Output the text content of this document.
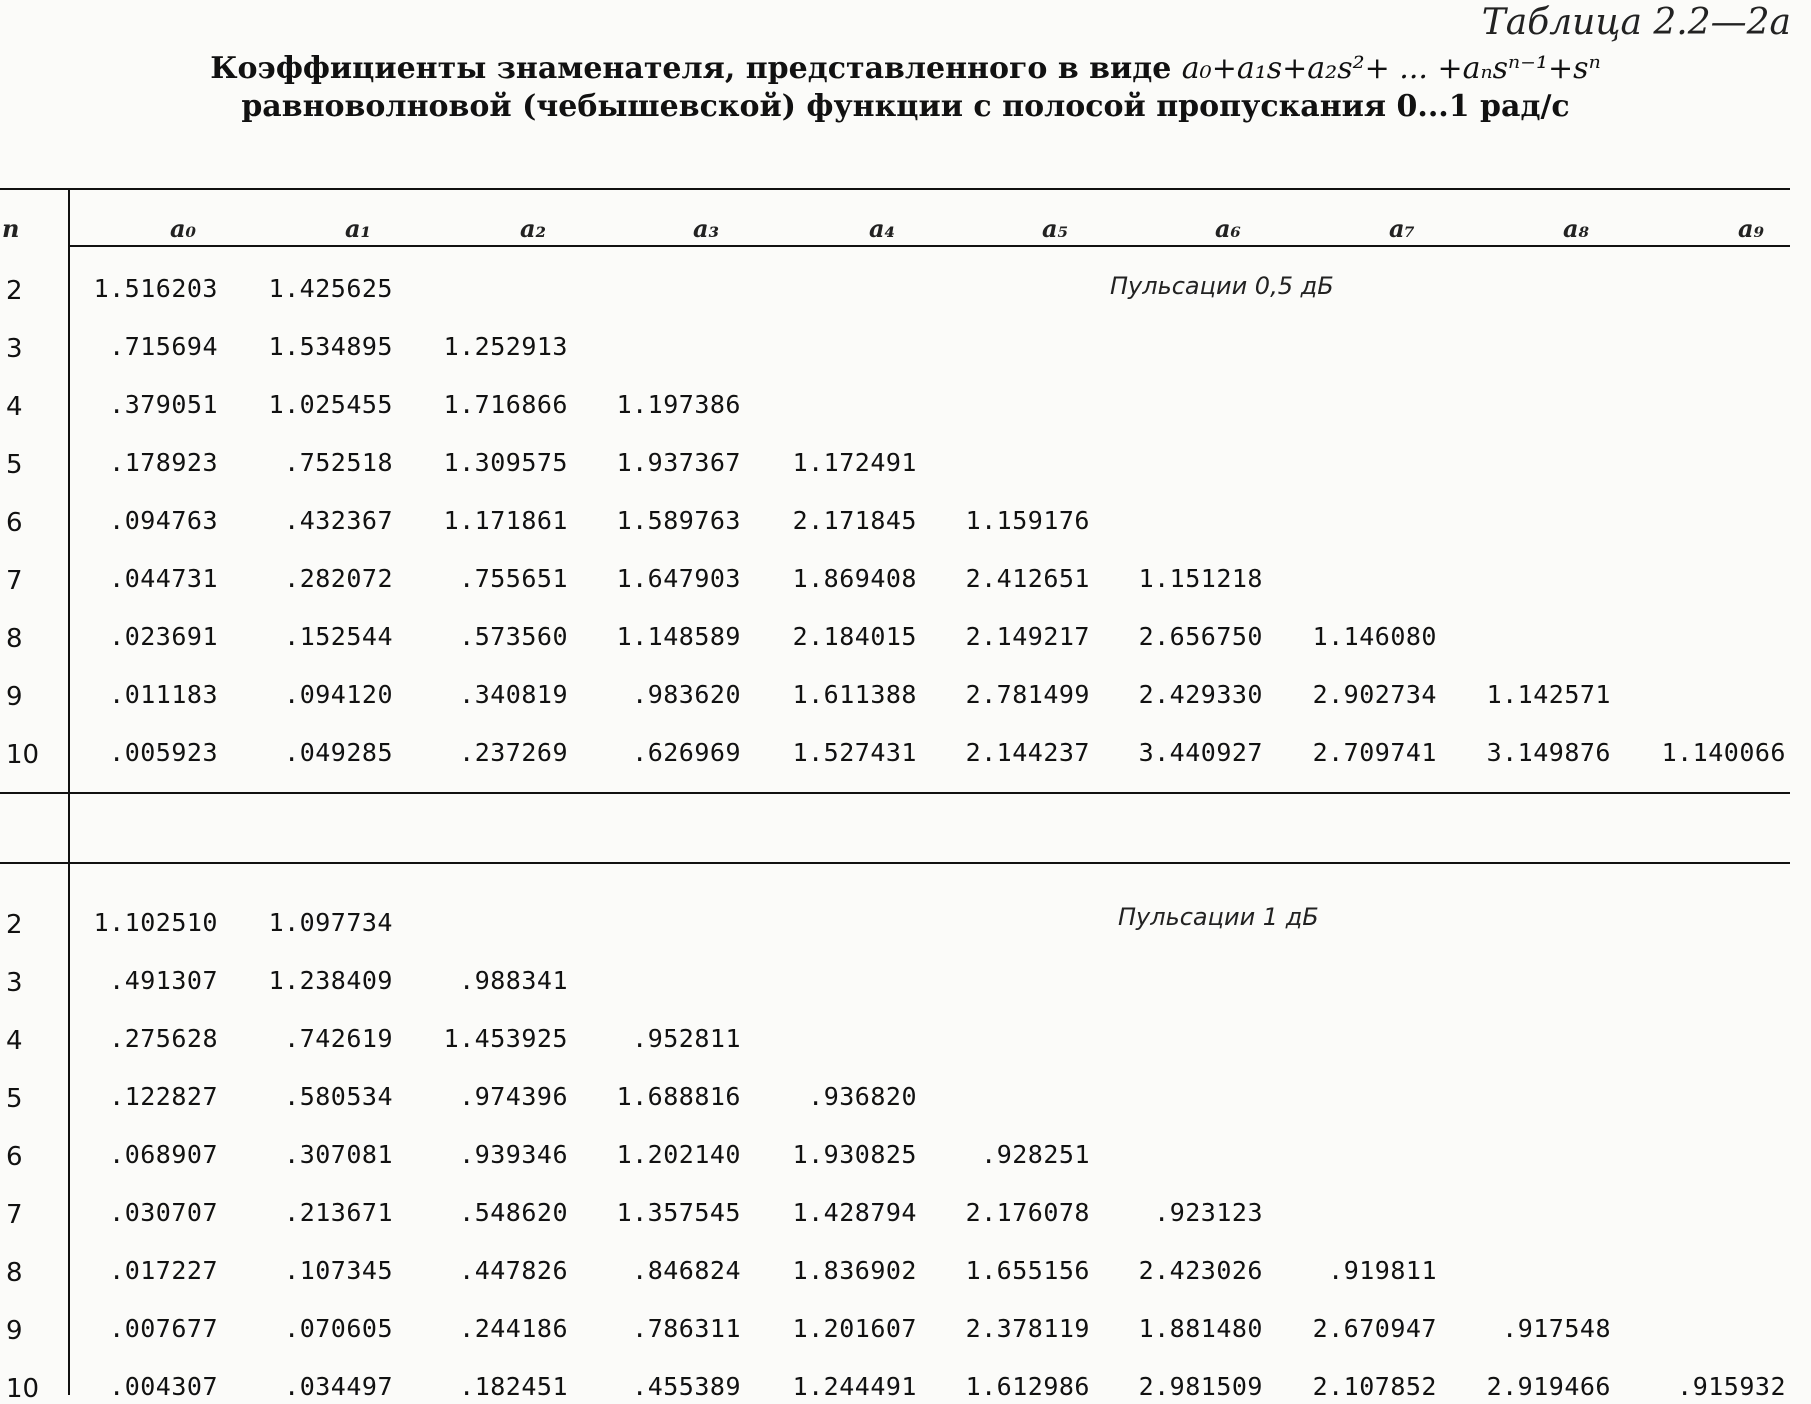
Таблица 2.2—2а
Коэффициенты знаменателя, представленного в виде a₀+a₁s+a₂s²+ ... +aₙsⁿ⁻¹+sⁿ
равноволновой (чебышевской) функции с полосой пропускания 0...1 рад/с
n	a₀	a₁	a₂	a₃	a₄	a₅	a₆	a₇	a₈	a₉
Пульсации 0,5 дБ
2	1.516203	1.425625
3	.715694	1.534895	1.252913
4	.379051	1.025455	1.716866	1.197386
5	.178923	.752518	1.309575	1.937367	1.172491
6	.094763	.432367	1.171861	1.589763	2.171845	1.159176
7	.044731	.282072	.755651	1.647903	1.869408	2.412651	1.151218
8	.023691	.152544	.573560	1.148589	2.184015	2.149217	2.656750	1.146080
9	.011183	.094120	.340819	.983620	1.611388	2.781499	2.429330	2.902734	1.142571
10	.005923	.049285	.237269	.626969	1.527431	2.144237	3.440927	2.709741	3.149876	1.140066
Пульсации 1 дБ
2	1.102510	1.097734
3	.491307	1.238409	.988341
4	.275628	.742619	1.453925	.952811
5	.122827	.580534	.974396	1.688816	.936820
6	.068907	.307081	.939346	1.202140	1.930825	.928251
7	.030707	.213671	.548620	1.357545	1.428794	2.176078	.923123
8	.017227	.107345	.447826	.846824	1.836902	1.655156	2.423026	.919811
9	.007677	.070605	.244186	.786311	1.201607	2.378119	1.881480	2.670947	.917548
10	.004307	.034497	.182451	.455389	1.244491	1.612986	2.981509	2.107852	2.919466	.915932
